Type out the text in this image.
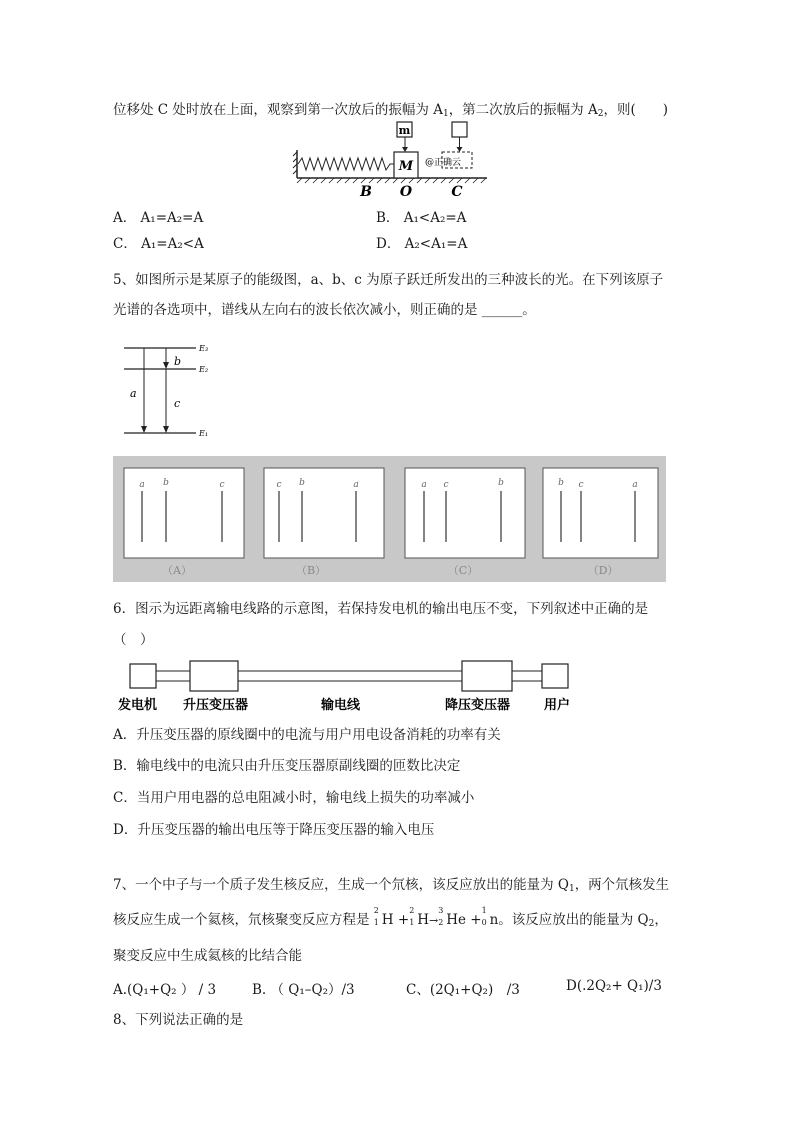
位移处 C 处时放在上面，观察到第一次放后的振幅为 $A_1$，第二次放后的振幅为 $A_2$，则(　　)
M
m
@正确云
B O	C
A． A₁=A₂=A	B． A₁<A₂=A
C． A₁=A₂<A	D． A₂<A₁=A
5、如图所示是某原子的能级图，a、b、c 为原子跃迁所发出的三种波长的光。在下列该原子
光谱的各选项中，谱线从左向右的波长依次减小，则正确的是 ______。
E₃
E₂
E₁
a
b
c
a b	c
（A）
c b	a
（B）
a c	b
（C）
b c	a
（D）
6．图示为远距离输电线路的示意图，若保持发电机的输出电压不变，下列叙述中正确的是
（　）
发电机 升压变压器	输电线	降压变压器	用户
A．升压变压器的原线圈中的电流与用户用电设备消耗的功率有关
B．输电线中的电流只由升压变压器原副线圈的匝数比决定
C．当用户用电器的总电阻减小时，输电线上损失的功率减小
D．升压变压器的输出电压等于降压变压器的输入电压
7、一个中子与一个质子发生核反应，生成一个氘核，该反应放出的能量为 $Q_1$，两个氘核发生
核反应生成一个氦核，氘核聚变反应方程是
2
1 H +
2
1 H→
3
2 He +
1
0 n。该反应放出的能量为 $Q_2$，
聚变反应中生成氦核的比结合能
A.(Q₁+Q₂ ） / 3	B. （ Q₁–Q₂）/3	C、(2Q₁+Q₂)　/3	D(.2Q₂+ Q₁)/3
8、下列说法正确的是
